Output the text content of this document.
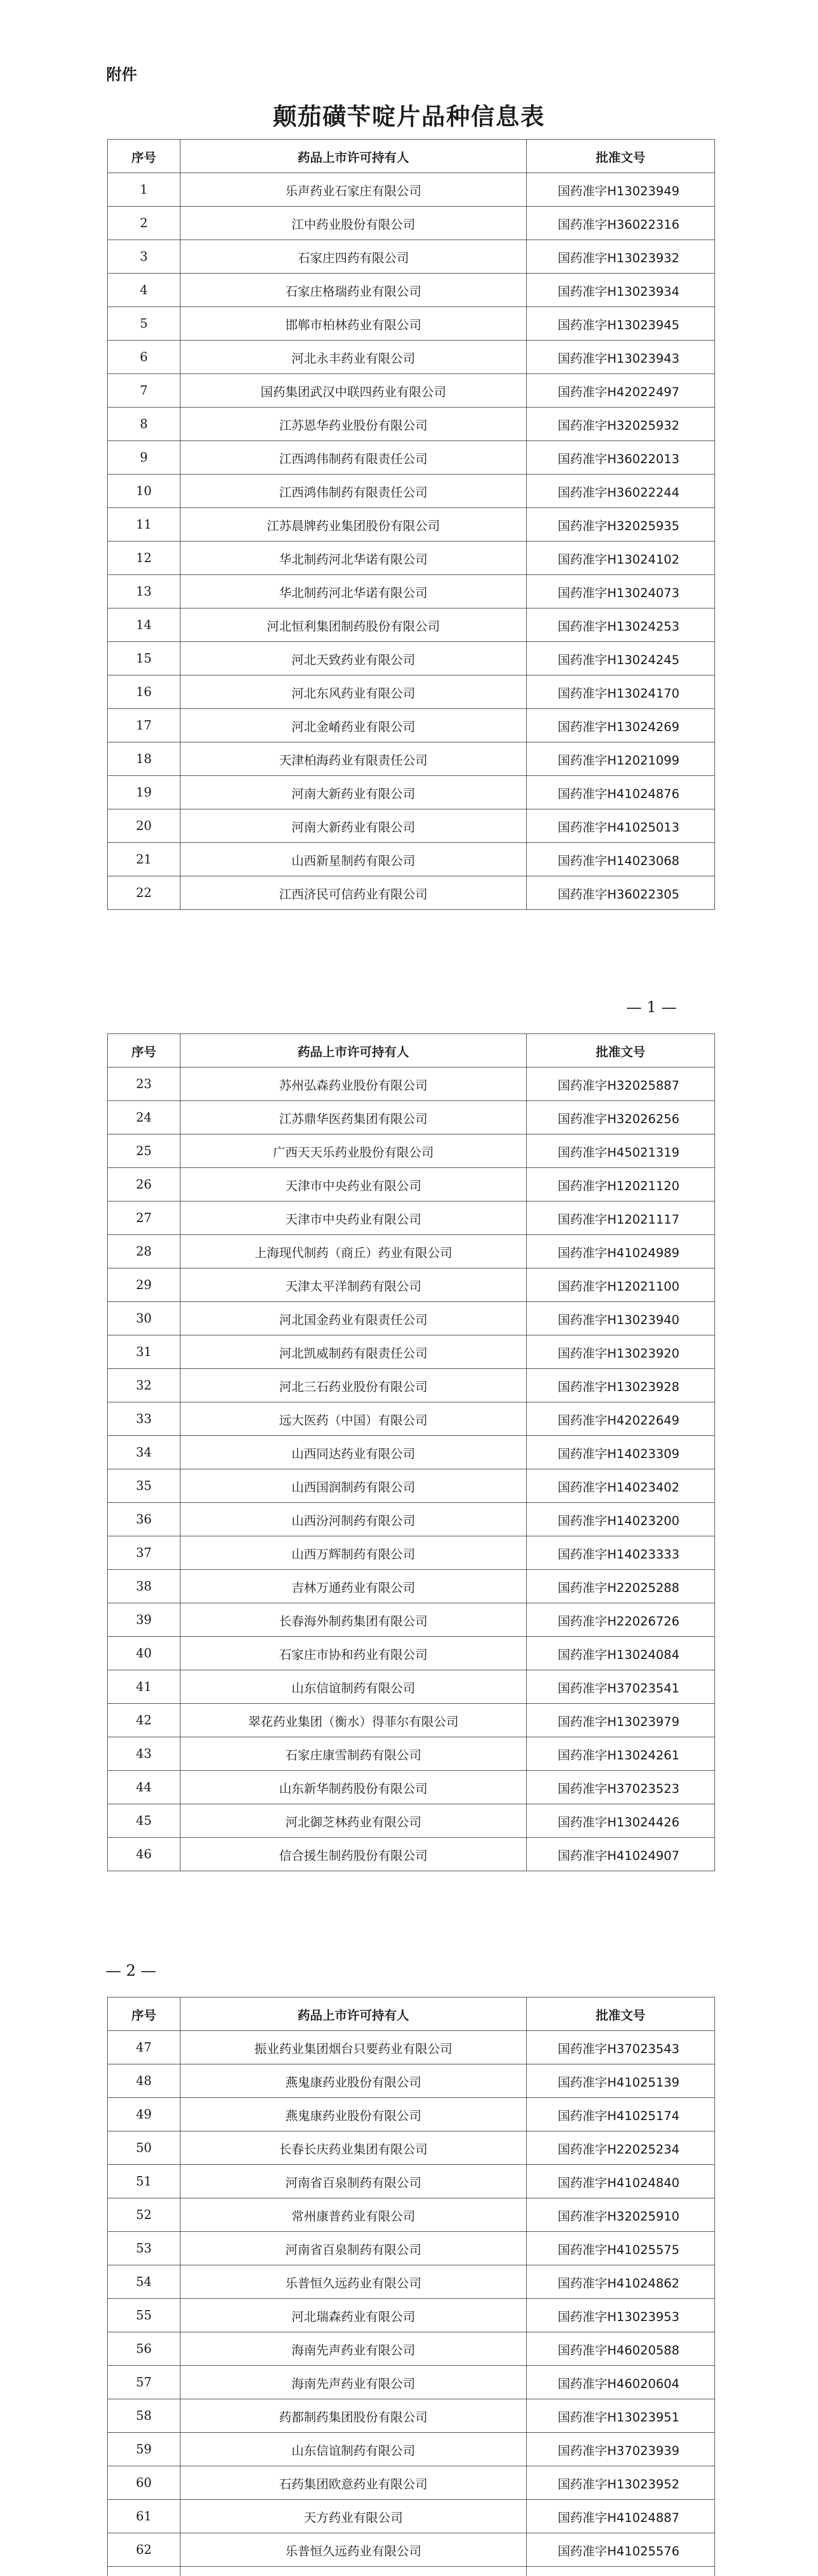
附件
颠茄磺苄啶片品种信息表
序号	药品上市许可持有人	批准文号
1	乐声药业石家庄有限公司	国药准字H13023949
2	江中药业股份有限公司	国药准字H36022316
3	石家庄四药有限公司	国药准字H13023932
4	石家庄格瑞药业有限公司	国药准字H13023934
5	邯郸市柏林药业有限公司	国药准字H13023945
6	河北永丰药业有限公司	国药准字H13023943
7	国药集团武汉中联四药业有限公司	国药准字H42022497
8	江苏恩华药业股份有限公司	国药准字H32025932
9	江西鸿伟制药有限责任公司	国药准字H36022013
10	江西鸿伟制药有限责任公司	国药准字H36022244
11	江苏晨牌药业集团股份有限公司	国药准字H32025935
12	华北制药河北华诺有限公司	国药准字H13024102
13	华北制药河北华诺有限公司	国药准字H13024073
14	河北恒利集团制药股份有限公司	国药准字H13024253
15	河北天致药业有限公司	国药准字H13024245
16	河北东风药业有限公司	国药准字H13024170
17	河北金崤药业有限公司	国药准字H13024269
18	天津柏海药业有限责任公司	国药准字H12021099
19	河南大新药业有限公司	国药准字H41024876
20	河南大新药业有限公司	国药准字H41025013
21	山西新星制药有限公司	国药准字H14023068
22	江西济民可信药业有限公司	国药准字H36022305
— 1 —
序号	药品上市许可持有人	批准文号
23	苏州弘森药业股份有限公司	国药准字H32025887
24	江苏鼎华医药集团有限公司	国药准字H32026256
25	广西天天乐药业股份有限公司	国药准字H45021319
26	天津市中央药业有限公司	国药准字H12021120
27	天津市中央药业有限公司	国药准字H12021117
28	上海现代制药（商丘）药业有限公司	国药准字H41024989
29	天津太平洋制药有限公司	国药准字H12021100
30	河北国金药业有限责任公司	国药准字H13023940
31	河北凯威制药有限责任公司	国药准字H13023920
32	河北三石药业股份有限公司	国药准字H13023928
33	远大医药（中国）有限公司	国药准字H42022649
34	山西同达药业有限公司	国药准字H14023309
35	山西国润制药有限公司	国药准字H14023402
36	山西汾河制药有限公司	国药准字H14023200
37	山西万辉制药有限公司	国药准字H14023333
38	吉林万通药业有限公司	国药准字H22025288
39	长春海外制药集团有限公司	国药准字H22026726
40	石家庄市协和药业有限公司	国药准字H13024084
41	山东信谊制药有限公司	国药准字H37023541
42	翠花药业集团（衡水）得菲尔有限公司	国药准字H13023979
43	石家庄康雪制药有限公司	国药准字H13024261
44	山东新华制药股份有限公司	国药准字H37023523
45	河北御芝林药业有限公司	国药准字H13024426
46	信合援生制药股份有限公司	国药准字H41024907
— 2 —
序号	药品上市许可持有人	批准文号
47	振业药业集团烟台只要药业有限公司	国药准字H37023543
48	燕鬼康药业股份有限公司	国药准字H41025139
49	燕鬼康药业股份有限公司	国药准字H41025174
50	长春长庆药业集团有限公司	国药准字H22025234
51	河南省百泉制药有限公司	国药准字H41024840
52	常州康普药业有限公司	国药准字H32025910
53	河南省百泉制药有限公司	国药准字H41025575
54	乐普恒久远药业有限公司	国药准字H41024862
55	河北瑞森药业有限公司	国药准字H13023953
56	海南先声药业有限公司	国药准字H46020588
57	海南先声药业有限公司	国药准字H46020604
58	药都制药集团股份有限公司	国药准字H13023951
59	山东信谊制药有限公司	国药准字H37023939
60	石药集团欧意药业有限公司	国药准字H13023952
61	天方药业有限公司	国药准字H41024887
62	乐普恒久远药业有限公司	国药准字H41025576
